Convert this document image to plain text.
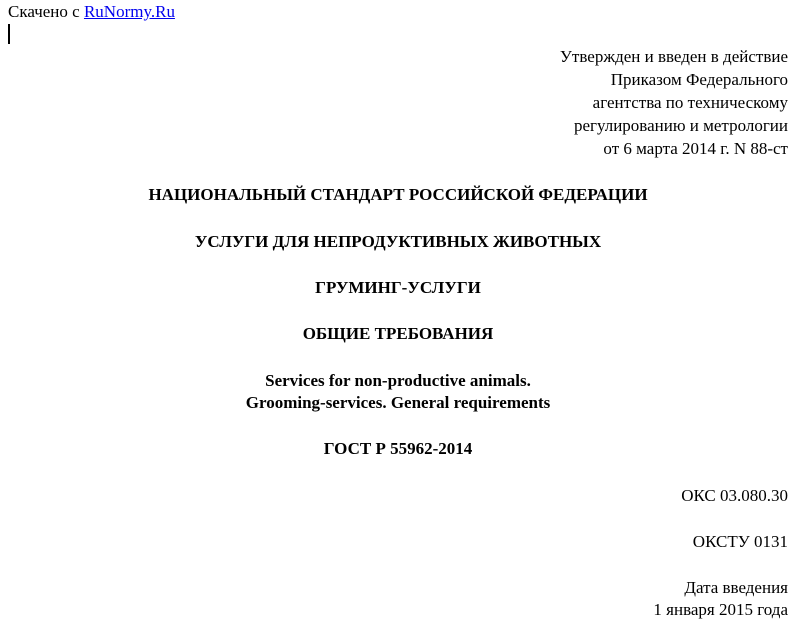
Скачено с RuNormy.Ru
Утвержден и введен в действие
Приказом Федерального
агентства по техническому
регулированию и метрологии
от 6 марта 2014 г. N 88-ст
НАЦИОНАЛЬНЫЙ СТАНДАРТ РОССИЙСКОЙ ФЕДЕРАЦИИ
УСЛУГИ ДЛЯ НЕПРОДУКТИВНЫХ ЖИВОТНЫХ
ГРУМИНГ-УСЛУГИ
ОБЩИЕ ТРЕБОВАНИЯ
Services for non-productive animals.
Grooming-services. General requirements
ГОСТ Р 55962-2014
ОКС 03.080.30
ОКСТУ 0131
Дата введения
1 января 2015 года
